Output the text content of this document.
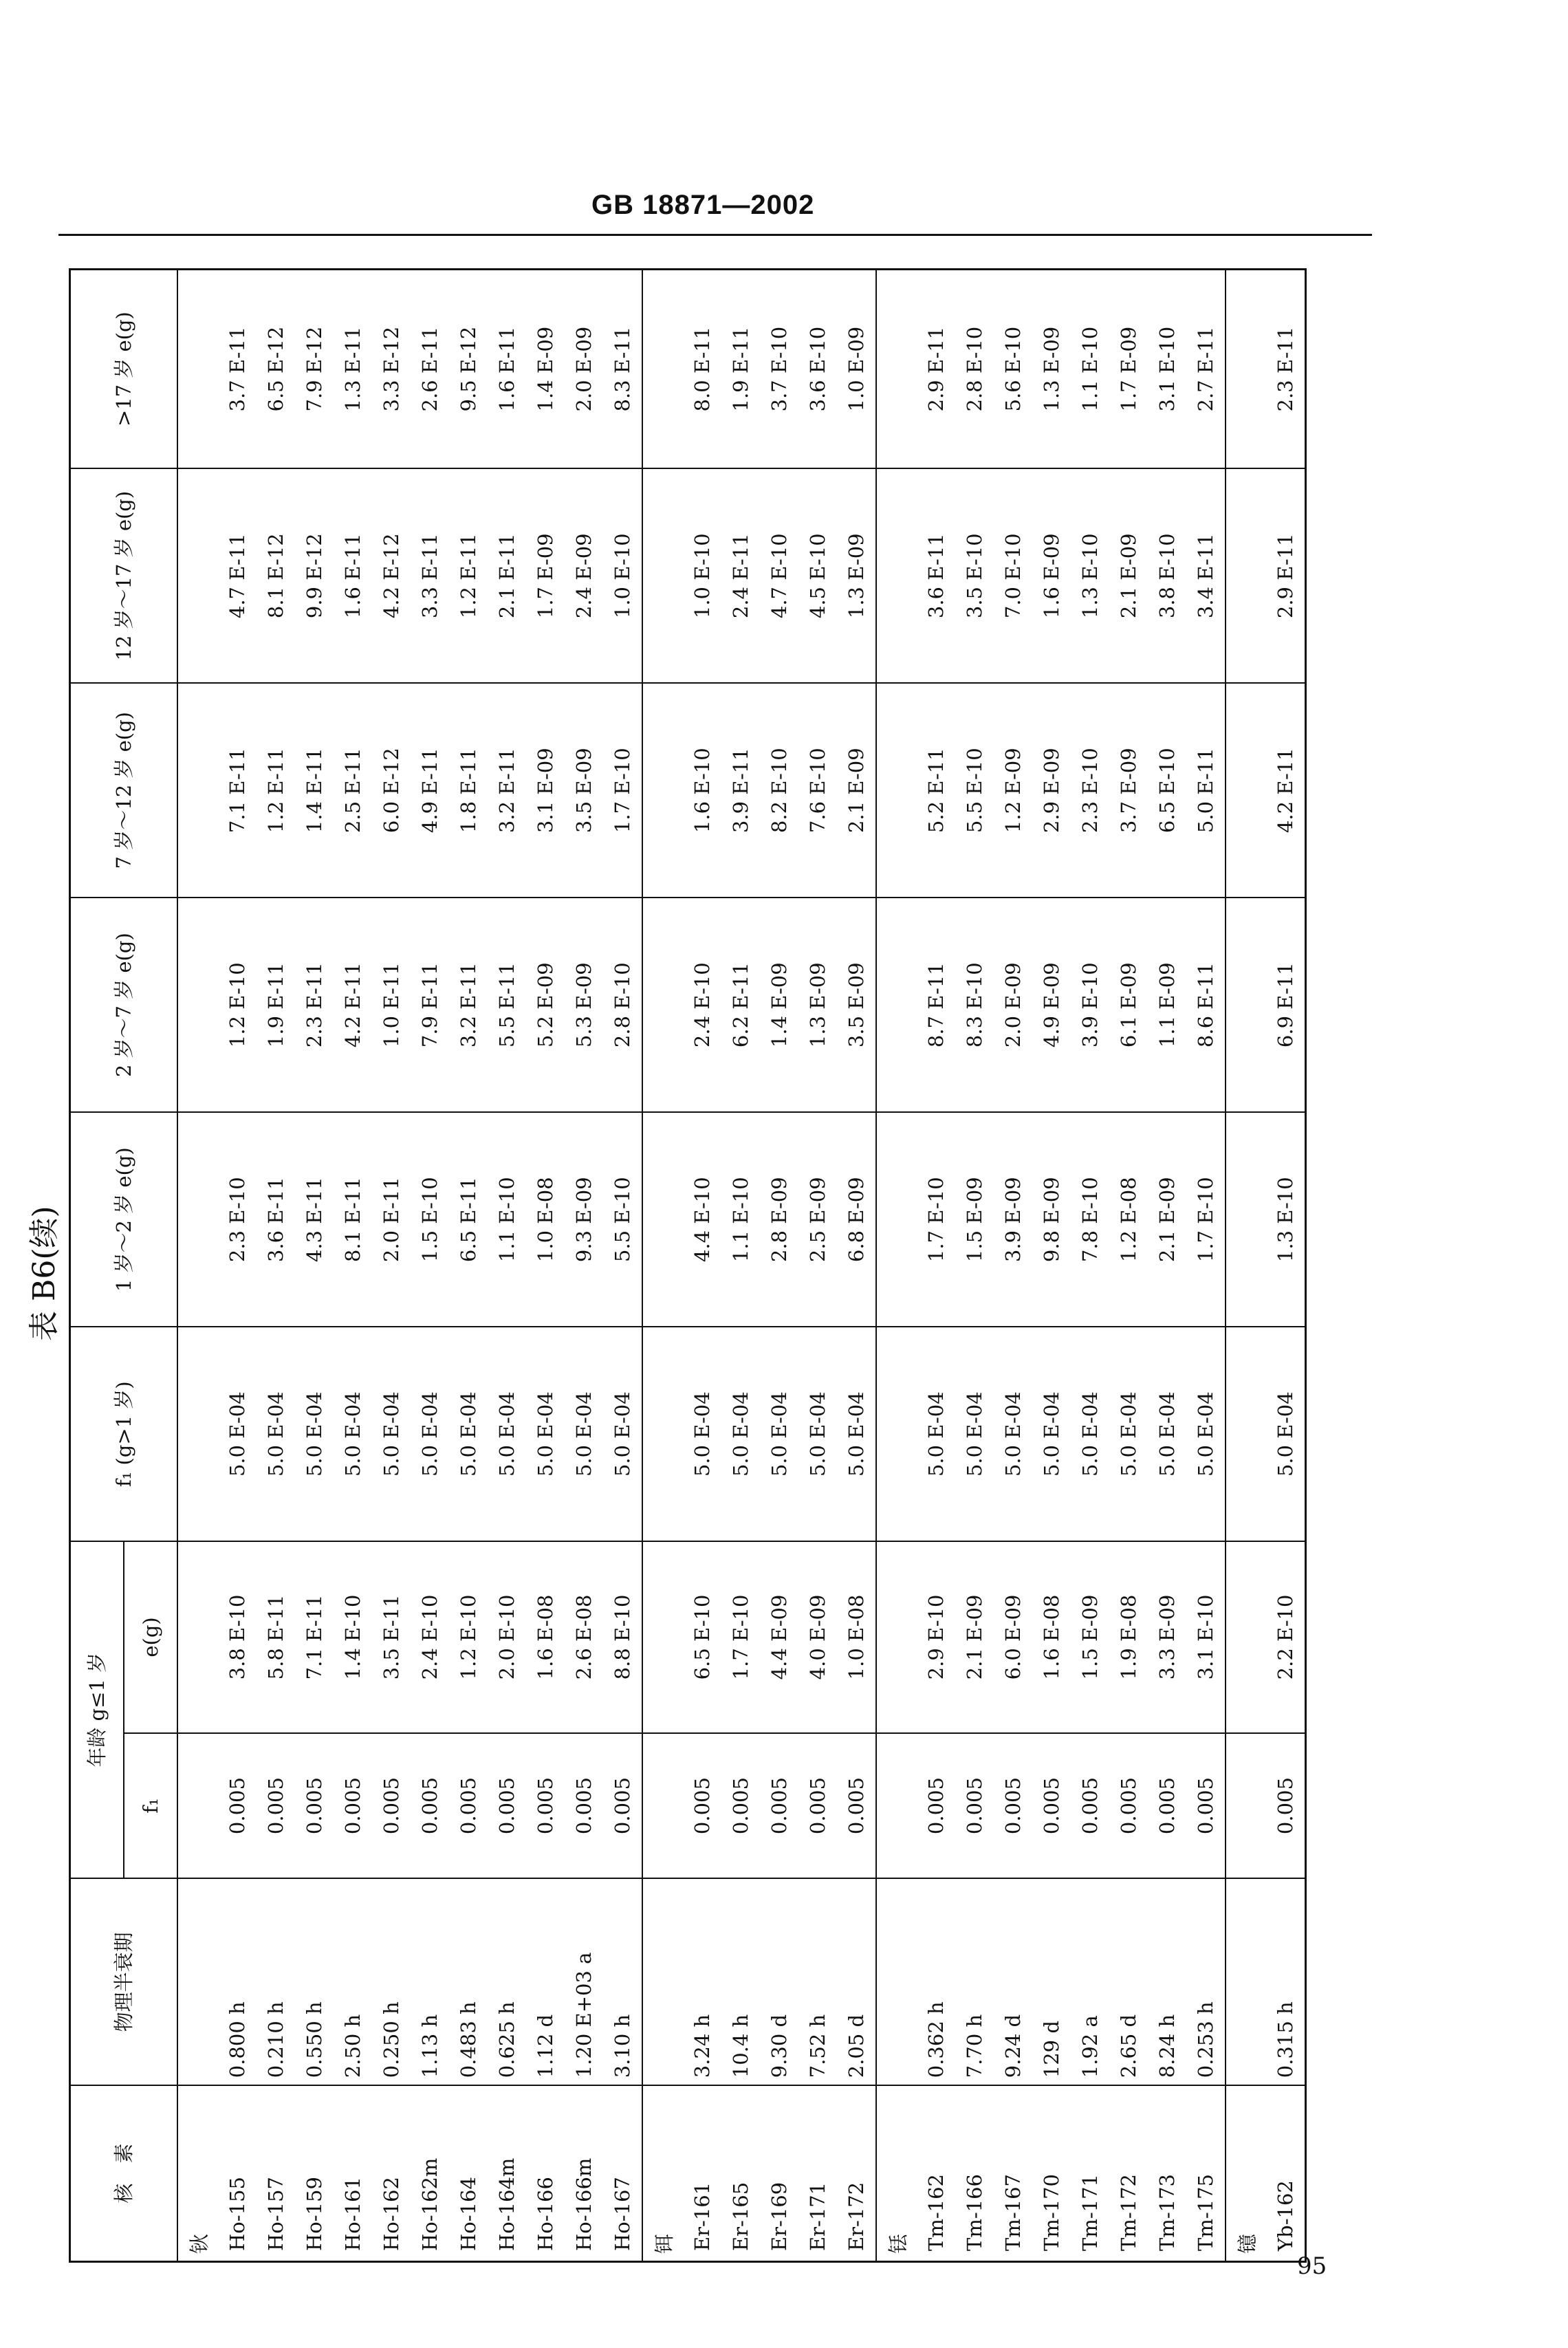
GB 18871—2002
表 B6(续)
核　素	物理半衰期	年龄 g≤1 岁		f₁ (g>1 岁)	1 岁～2 岁 e(g)	2 岁～7 岁 e(g)	7 岁～12 岁 e(g)	12 岁～17 岁 e(g)	>17 岁 e(g)
		f₁	e(g)						
钬									
Ho-155	0.800 h	0.005	3.8 E-10	5.0 E-04	2.3 E-10	1.2 E-10	7.1 E-11	4.7 E-11	3.7 E-11
Ho-157	0.210 h	0.005	5.8 E-11	5.0 E-04	3.6 E-11	1.9 E-11	1.2 E-11	8.1 E-12	6.5 E-12
Ho-159	0.550 h	0.005	7.1 E-11	5.0 E-04	4.3 E-11	2.3 E-11	1.4 E-11	9.9 E-12	7.9 E-12
Ho-161	2.50 h	0.005	1.4 E-10	5.0 E-04	8.1 E-11	4.2 E-11	2.5 E-11	1.6 E-11	1.3 E-11
Ho-162	0.250 h	0.005	3.5 E-11	5.0 E-04	2.0 E-11	1.0 E-11	6.0 E-12	4.2 E-12	3.3 E-12
Ho-162m	1.13 h	0.005	2.4 E-10	5.0 E-04	1.5 E-10	7.9 E-11	4.9 E-11	3.3 E-11	2.6 E-11
Ho-164	0.483 h	0.005	1.2 E-10	5.0 E-04	6.5 E-11	3.2 E-11	1.8 E-11	1.2 E-11	9.5 E-12
Ho-164m	0.625 h	0.005	2.0 E-10	5.0 E-04	1.1 E-10	5.5 E-11	3.2 E-11	2.1 E-11	1.6 E-11
Ho-166	1.12 d	0.005	1.6 E-08	5.0 E-04	1.0 E-08	5.2 E-09	3.1 E-09	1.7 E-09	1.4 E-09
Ho-166m	1.20 E+03 a	0.005	2.6 E-08	5.0 E-04	9.3 E-09	5.3 E-09	3.5 E-09	2.4 E-09	2.0 E-09
Ho-167	3.10 h	0.005	8.8 E-10	5.0 E-04	5.5 E-10	2.8 E-10	1.7 E-10	1.0 E-10	8.3 E-11
铒									
Er-161	3.24 h	0.005	6.5 E-10	5.0 E-04	4.4 E-10	2.4 E-10	1.6 E-10	1.0 E-10	8.0 E-11
Er-165	10.4 h	0.005	1.7 E-10	5.0 E-04	1.1 E-10	6.2 E-11	3.9 E-11	2.4 E-11	1.9 E-11
Er-169	9.30 d	0.005	4.4 E-09	5.0 E-04	2.8 E-09	1.4 E-09	8.2 E-10	4.7 E-10	3.7 E-10
Er-171	7.52 h	0.005	4.0 E-09	5.0 E-04	2.5 E-09	1.3 E-09	7.6 E-10	4.5 E-10	3.6 E-10
Er-172	2.05 d	0.005	1.0 E-08	5.0 E-04	6.8 E-09	3.5 E-09	2.1 E-09	1.3 E-09	1.0 E-09
铥									
Tm-162	0.362 h	0.005	2.9 E-10	5.0 E-04	1.7 E-10	8.7 E-11	5.2 E-11	3.6 E-11	2.9 E-11
Tm-166	7.70 h	0.005	2.1 E-09	5.0 E-04	1.5 E-09	8.3 E-10	5.5 E-10	3.5 E-10	2.8 E-10
Tm-167	9.24 d	0.005	6.0 E-09	5.0 E-04	3.9 E-09	2.0 E-09	1.2 E-09	7.0 E-10	5.6 E-10
Tm-170	129 d	0.005	1.6 E-08	5.0 E-04	9.8 E-09	4.9 E-09	2.9 E-09	1.6 E-09	1.3 E-09
Tm-171	1.92 a	0.005	1.5 E-09	5.0 E-04	7.8 E-10	3.9 E-10	2.3 E-10	1.3 E-10	1.1 E-10
Tm-172	2.65 d	0.005	1.9 E-08	5.0 E-04	1.2 E-08	6.1 E-09	3.7 E-09	2.1 E-09	1.7 E-09
Tm-173	8.24 h	0.005	3.3 E-09	5.0 E-04	2.1 E-09	1.1 E-09	6.5 E-10	3.8 E-10	3.1 E-10
Tm-175	0.253 h	0.005	3.1 E-10	5.0 E-04	1.7 E-10	8.6 E-11	5.0 E-11	3.4 E-11	2.7 E-11
镱									
Yb-162	0.315 h	0.005	2.2 E-10	5.0 E-04	1.3 E-10	6.9 E-11	4.2 E-11	2.9 E-11	2.3 E-11
95
